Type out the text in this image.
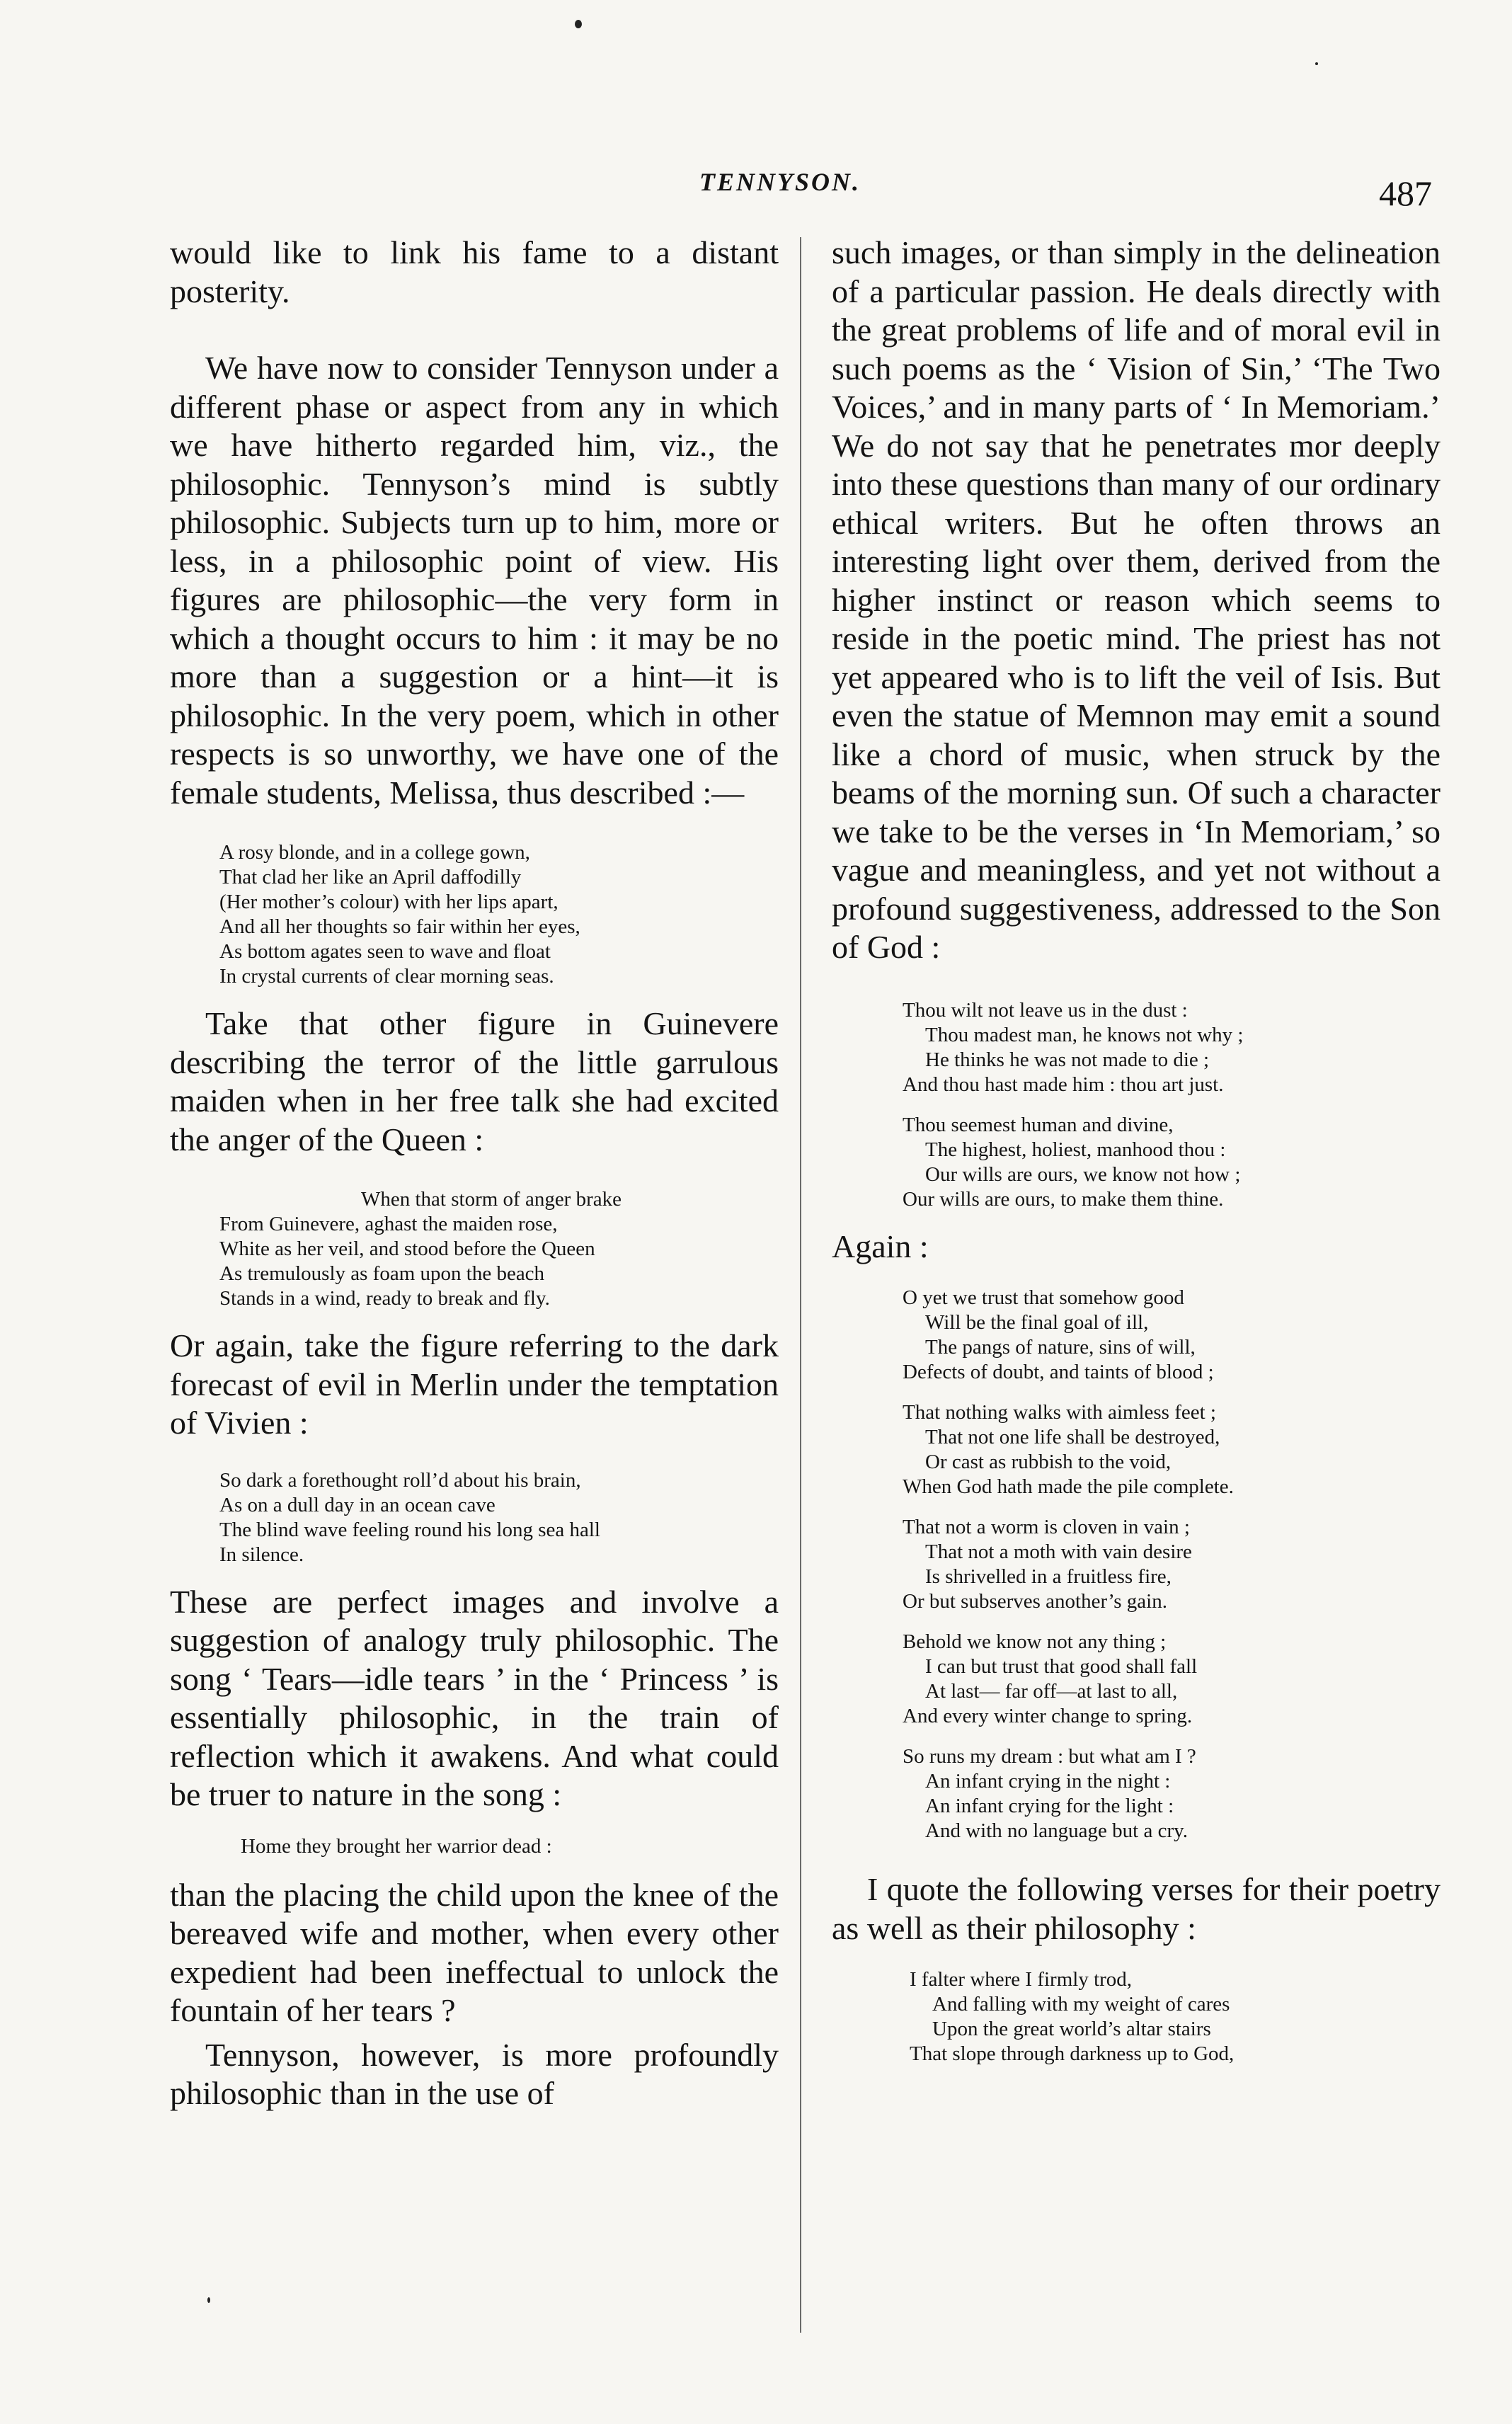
TENNYSON.	487

would like to link his fame to a distant posterity.

We have now to consider Tennyson under a different phase or aspect from any in which we have hitherto regarded him, viz., the philosophic. Tennyson’s mind is subtly philosophic. Subjects turn up to him, more or less, in a philosophic point of view. His figures are philosophic—the very form in which a thought occurs to him : it may be no more than a suggestion or a hint—it is philosophic. In the very poem, which in other respects is so unworthy, we have one of the female students, Melissa, thus described :—

A rosy blonde, and in a college gown,
That clad her like an April daffodilly
(Her mother’s colour) with her lips apart,
And all her thoughts so fair within her eyes,
As bottom agates seen to wave and float
In crystal currents of clear morning seas.

Take that other figure in Guinevere describing the terror of the little garrulous maiden when in her free talk she had excited the anger of the Queen :

When that storm of anger brake
From Guinevere, aghast the maiden rose,
White as her veil, and stood before the Queen
As tremulously as foam upon the beach
Stands in a wind, ready to break and fly.

Or again, take the figure referring to the dark forecast of evil in Merlin under the temptation of Vivien :

So dark a forethought roll’d about his brain,
As on a dull day in an ocean cave
The blind wave feeling round his long sea hall
In silence.

These are perfect images and involve a suggestion of analogy truly philosophic. The song ‘ Tears—idle tears ’ in the ‘ Princess ’ is essentially philosophic, in the train of reflection which it awakens. And what could be truer to nature in the song :

Home they brought her warrior dead :

than the placing the child upon the knee of the bereaved wife and mother, when every other expedient had been ineffectual to unlock the fountain of her tears ?

Tennyson, however, is more profoundly philosophic than in the use of

such images, or than simply in the delineation of a particular passion. He deals directly with the great problems of life and of moral evil in such poems as the ‘ Vision of Sin,’ ‘The Two Voices,’ and in many parts of ‘ In Memoriam.’ We do not say that he penetrates mor deeply into these questions than many of our ordinary ethical writers. But he often throws an interesting light over them, derived from the higher instinct or reason which seems to reside in the poetic mind. The priest has not yet appeared who is to lift the veil of Isis. But even the statue of Memnon may emit a sound like a chord of music, when struck by the beams of the morning sun. Of such a character we take to be the verses in ‘In Memoriam,’ so vague and meaningless, and yet not without a profound suggestiveness, addressed to the Son of God :

Thou wilt not leave us in the dust :
Thou madest man, he knows not why ;
He thinks he was not made to die ;
And thou hast made him : thou art just.
Thou seemest human and divine,
The highest, holiest, manhood thou :
Our wills are ours, we know not how ;
Our wills are ours, to make them thine.

Again :

O yet we trust that somehow good
Will be the final goal of ill,
The pangs of nature, sins of will,
Defects of doubt, and taints of blood ;
That nothing walks with aimless feet ;
That not one life shall be destroyed,
Or cast as rubbish to the void,
When God hath made the pile complete.
That not a worm is cloven in vain ;
That not a moth with vain desire
Is shrivelled in a fruitless fire,
Or but subserves another’s gain.
Behold we know not any thing ;
I can but trust that good shall fall
At last— far off—at last to all,
And every winter change to spring.
So runs my dream : but what am I ?
An infant crying in the night :
An infant crying for the light :
And with no language but a cry.

I quote the following verses for their poetry as well as their philosophy :

I falter where I firmly trod,
And falling with my weight of cares
Upon the great world’s altar stairs
That slope through darkness up to God,
